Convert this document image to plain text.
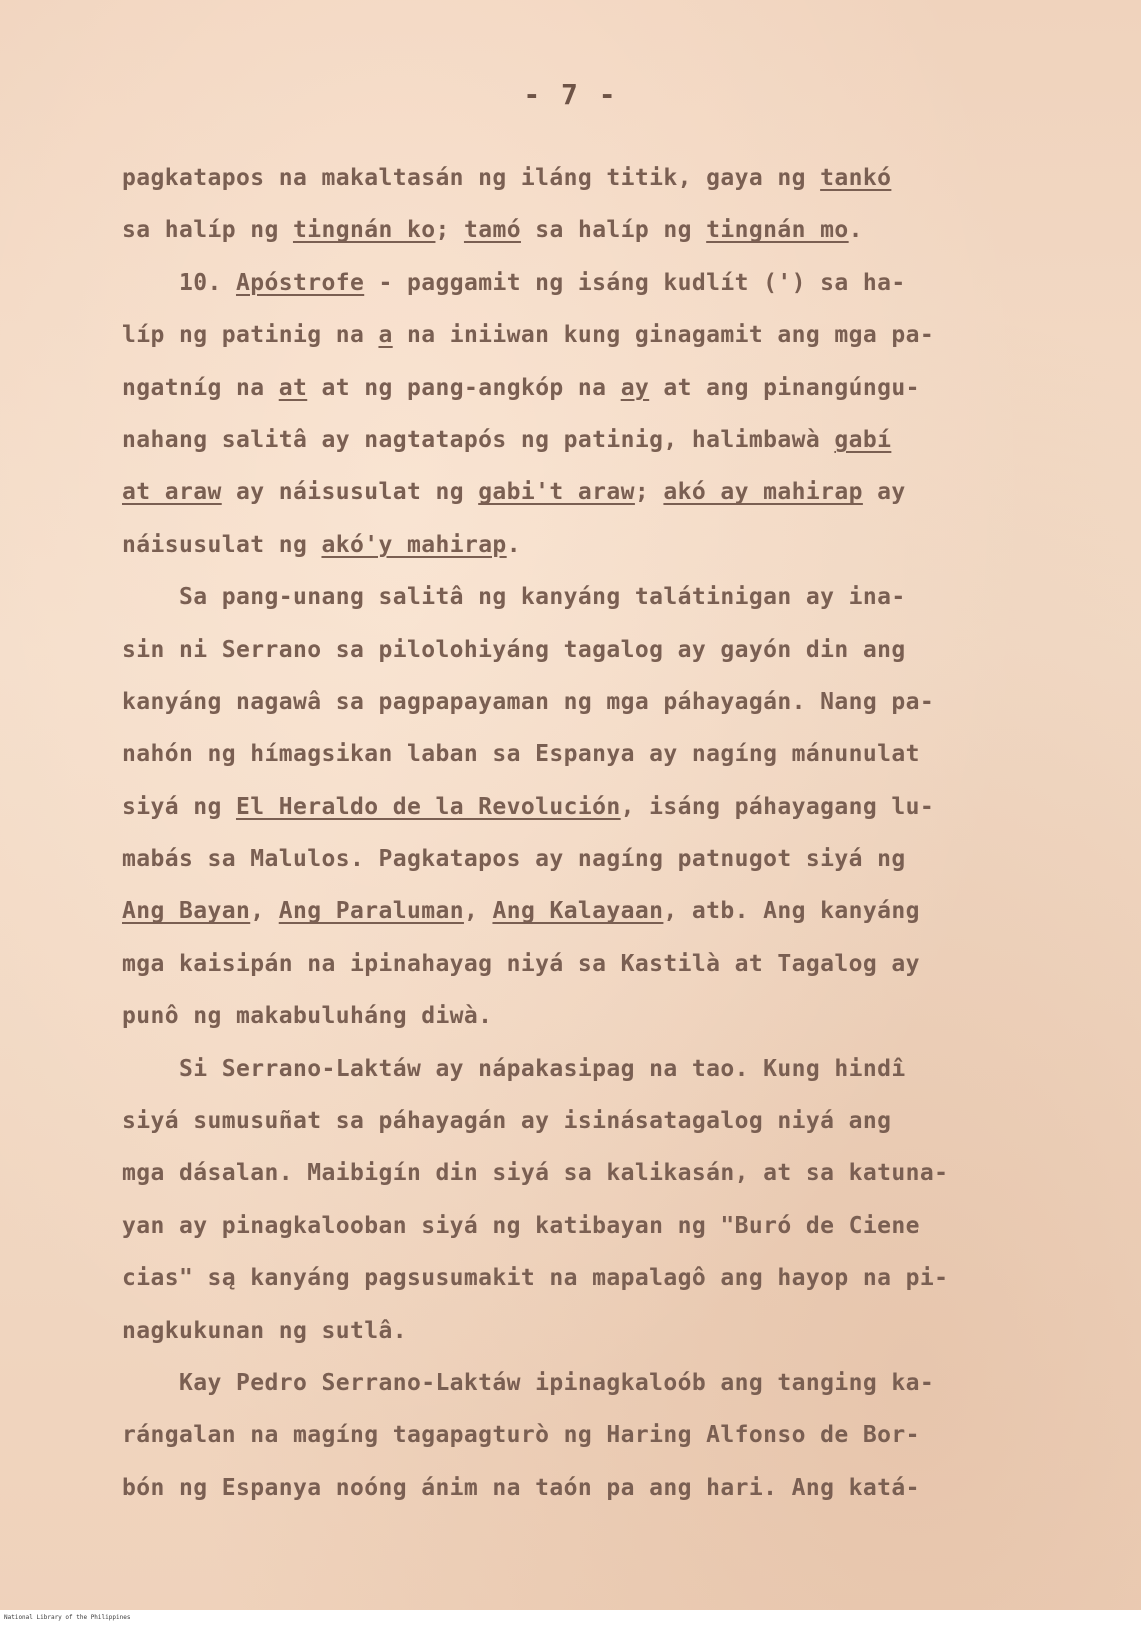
- 7 -
pagkatapos na makaltasán ng iláng titik, gaya ng tankó
sa halíp ng tingnán ko; tamó sa halíp ng tingnán mo.
10. Apóstrofe - paggamit ng isáng kudlít (') sa ha-
líp ng patinig na a na iniiwan kung ginagamit ang mga pa-
ngatníg na at at ng pang-angkóp na ay at ang pinangúngu-
nahang salitâ ay nagtatapós ng patinig, halimbawà gabí
at araw ay náisusulat ng gabi't araw; akó ay mahirap ay
náisusulat ng akó'y mahirap.
Sa pang-unang salitâ ng kanyáng talátinigan ay ina-
sin ni Serrano sa pilolohiyáng tagalog ay gayón din ang
kanyáng nagawâ sa pagpapayaman ng mga páhayagán. Nang pa-
nahón ng hímagsikan laban sa Espanya ay nagíng mánunulat
siyá ng El Heraldo de la Revolución, isáng páhayagang lu-
mabás sa Malulos. Pagkatapos ay nagíng patnugot siyá ng
Ang Bayan, Ang Paraluman, Ang Kalayaan, atb. Ang kanyáng
mga kaisipán na ipinahayag niyá sa Kastilà at Tagalog ay
punô ng makabuluháng diwà.
Si Serrano-Laktáw ay nápakasipag na tao. Kung hindî
siyá sumusuñat sa páhayagán ay isinásatagalog niyá ang
mga dásalan. Maibigín din siyá sa kalikasán, at sa katuna-
yan ay pinagkalooban siyá ng katibayan ng "Buró de Ciene
cias" są kanyáng pagsusumakit na mapalagô ang hayop na pi-
nagkukunan ng sutlâ.
Kay Pedro Serrano-Laktáw ipinagkaloób ang tanging ka-
rángalan na magíng tagapagturò ng Haring Alfonso de Bor-
bón ng Espanya noóng ánim na taón pa ang hari. Ang katá-
National Library of the Philippines
